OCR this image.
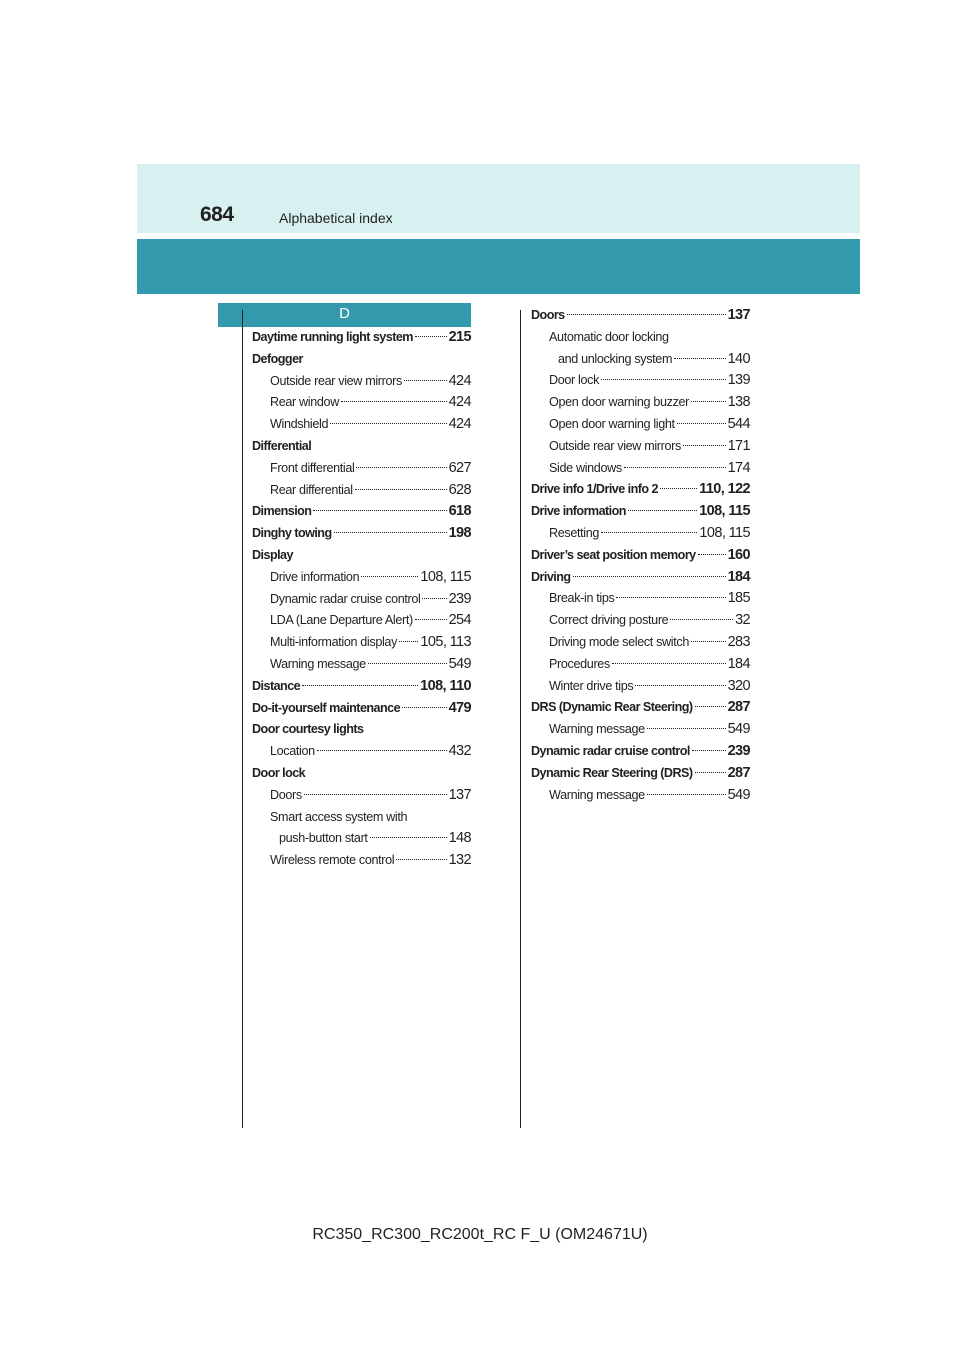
684	Alphabetical index
D
Daytime running light system 215
Defogger
Outside rear view mirrors	424
Rear window	424
Windshield	424
Differential
Front differential	627
Rear differential	628
Dimension	618
Dinghy towing	198
Display
Drive information	108, 115
Dynamic radar cruise control 239
LDA (Lane Departure Alert) 254
Multi-information display 105, 113
Warning message	549
Distance	108, 110
Do-it-yourself maintenance	479
Door courtesy lights
Location	432
Door lock
Doors	137
Smart access system with
push-button start	148
Wireless remote control	132
Doors	137
Automatic door locking
and unlocking system	140
Door lock	139
Open door warning buzzer	138
Open door warning light	544
Outside rear view mirrors	171
Side windows	174
Drive info 1/Drive info 2	110, 122
Drive information	108, 115
Resetting	108, 115
Driver’s seat position memory 160
Driving	184
Break-in tips	185
Correct driving posture	32
Driving mode select switch	283
Procedures	184
Winter drive tips	320
DRS (Dynamic Rear Steering) 287
Warning message	549
Dynamic radar cruise control	239
Dynamic Rear Steering (DRS) 287
Warning message	549
RC350_RC300_RC200t_RC F_U (OM24671U)
